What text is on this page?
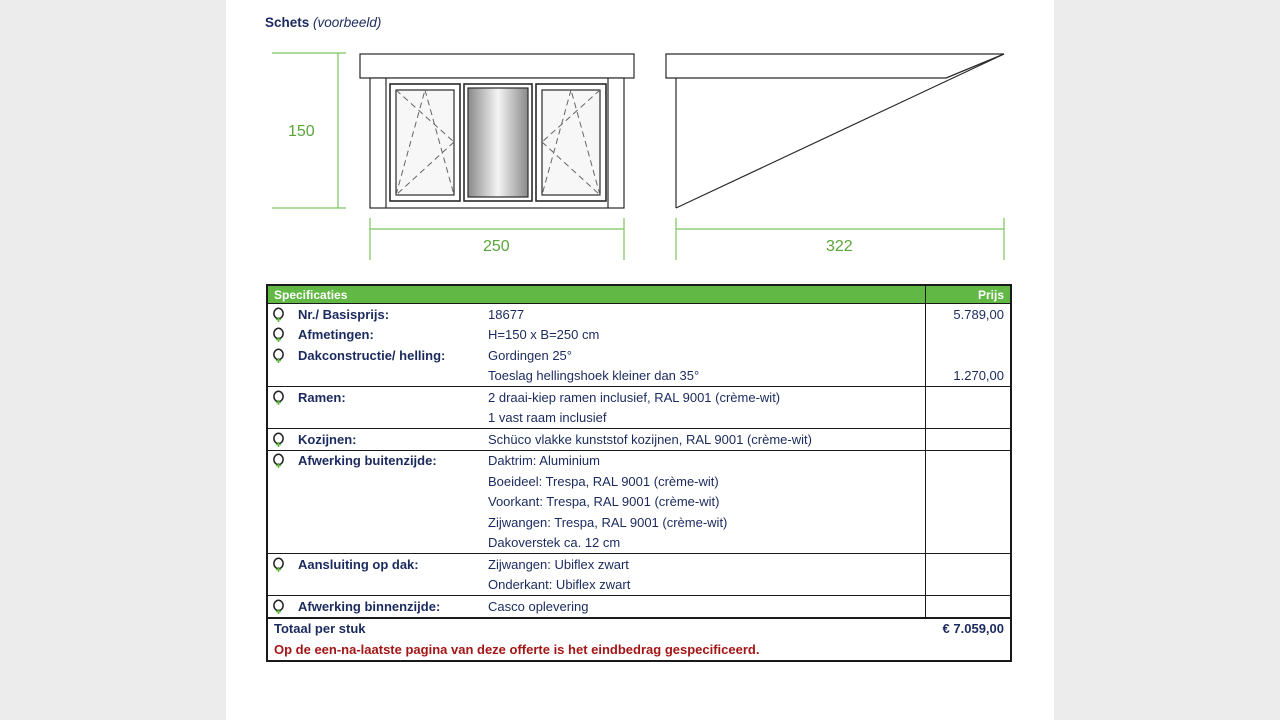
Schets (voorbeeld)
150
250	322
Specificaties			Prijs
	Nr./ Basisprijs:	18677	5.789,00
	Afmetingen:	H=150 x B=250 cm	
	Dakconstructie/ helling:	Gordingen 25°	
		Toeslag hellingshoek kleiner dan 35°	1.270,00
	Ramen:	2 draai-kiep ramen inclusief, RAL 9001 (crème-wit)	
		1 vast raam inclusief	
	Kozijnen:	Schüco vlakke kunststof kozijnen, RAL 9001 (crème-wit)	
	Afwerking buitenzijde:	Daktrim: Aluminium	
		Boeideel: Trespa, RAL 9001 (crème-wit)	
		Voorkant: Trespa, RAL 9001 (crème-wit)	
		Zijwangen: Trespa, RAL 9001 (crème-wit)	
		Dakoverstek ca. 12 cm	
	Aansluiting op dak:	Zijwangen: Ubiflex zwart	
		Onderkant: Ubiflex zwart	
	Afwerking binnenzijde:	Casco oplevering	
Totaal per stuk			€ 7.059,00
Op de een-na-laatste pagina van deze offerte is het eindbedrag gespecificeerd.			
